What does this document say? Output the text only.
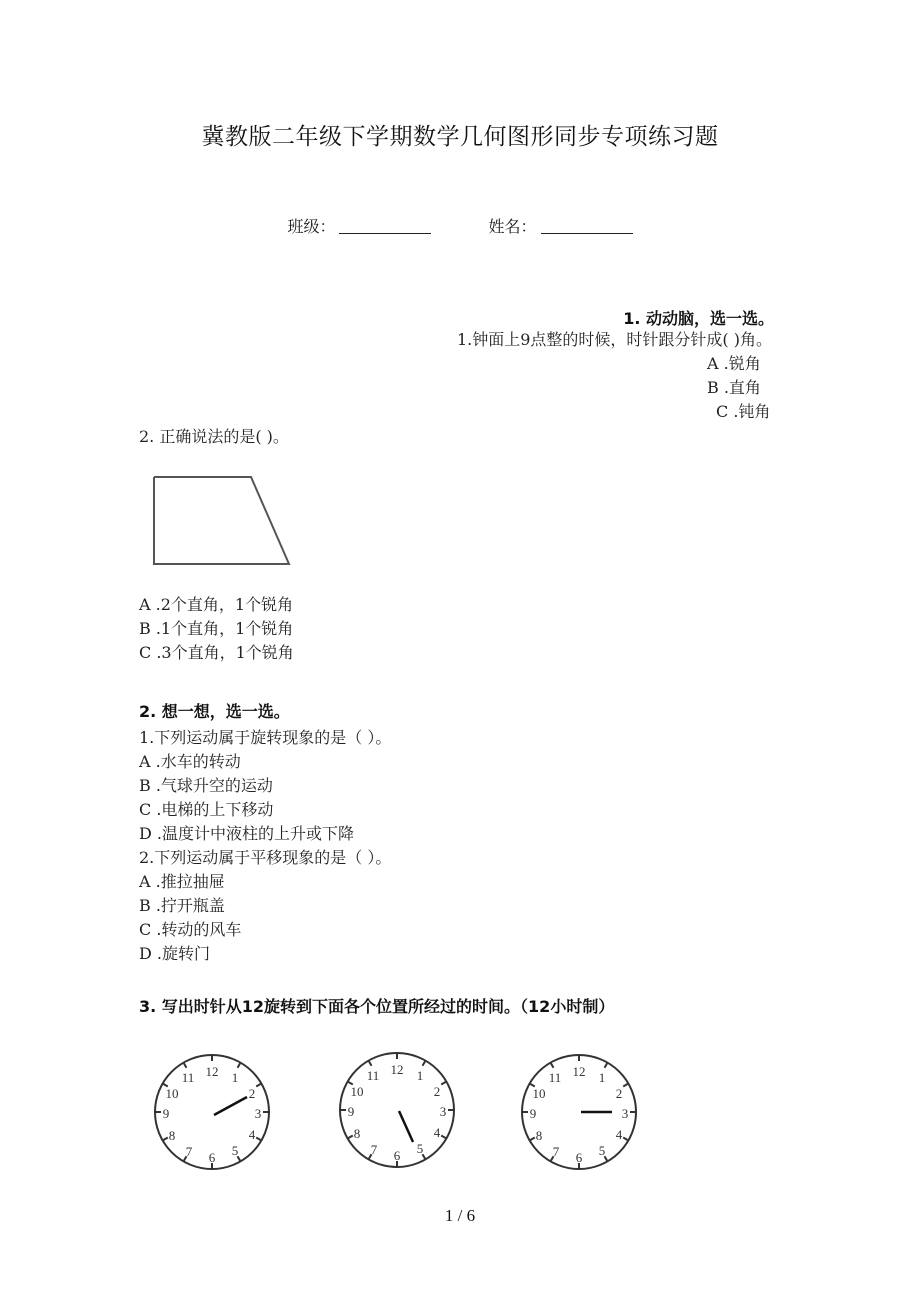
冀教版二年级下学期数学几何图形同步专项练习题
班级：	姓名：
1. 动动脑，选一选。
1.钟面上9点整的时候，时针跟分针成( )角。
A .锐角
B .直角
C .钝角
2. 正确说法的是( )。
A .2个直角，1个锐角
B .1个直角，1个锐角
C .3个直角，1个锐角
2. 想一想，选一选。
1.下列运动属于旋转现象的是（ ）。
A .水车的转动
B .气球升空的运动
C .电梯的上下移动
D .温度计中液柱的上升或下降
2.下列运动属于平移现象的是（ ）。
A .推拉抽屉
B .拧开瓶盖
C .转动的风车
D .旋转门
3. 写出时针从12旋转到下面各个位置所经过的时间。（12小时制）
12 1
2
3
4
5
6
7
8
9
10
11
12 1
2
3
4
5
6
7
8
9
10
11	12 1
2
3
4
5
6
7
8
9
10
11
1 / 6
